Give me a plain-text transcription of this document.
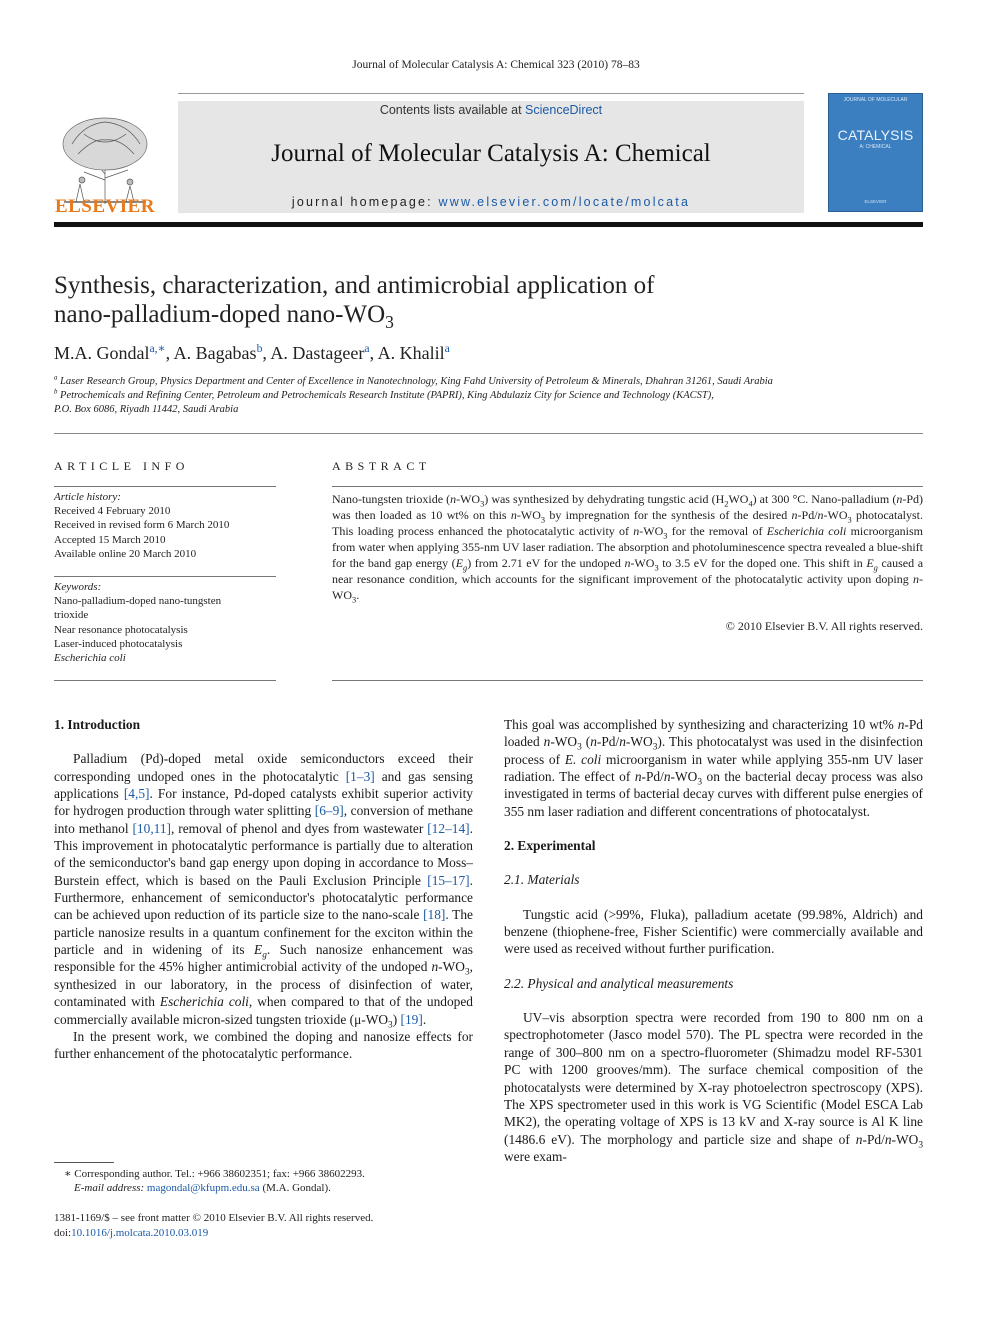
Journal of Molecular Catalysis A: Chemical 323 (2010) 78–83
ELSEVIER
Contents lists available at ScienceDirect
Journal of Molecular Catalysis A: Chemical
journal homepage: www.elsevier.com/locate/molcata
JOURNAL OF MOLECULAR
CATALYSIS
A: CHEMICAL
ELSEVIER
Synthesis, characterization, and antimicrobial application of
nano-palladium-doped nano-$WO_3$
M.A. Gondal$^{a,∗}$, A. Bagabas$^b$, A. Dastageer$^a$, A. Khalil$^a$
$^a$ Laser Research Group, Physics Department and Center of Excellence in Nanotechnology, King Fahd University of Petroleum & Minerals, Dhahran 31261, Saudi Arabia
$^b$ Petrochemicals and Refining Center, Petroleum and Petrochemicals Research Institute (PAPRI), King Abdulaziz City for Science and Technology (KACST),
P.O. Box 6086, Riyadh 11442, Saudi Arabia
ARTICLE INFO
Article history:
Received 4 February 2010
Received in revised form 6 March 2010
Accepted 15 March 2010
Available online 20 March 2010
Keywords:
Nano-palladium-doped nano-tungsten
trioxide
Near resonance photocatalysis
Laser-induced photocatalysis
Escherichia coli
ABSTRACT
Nano-tungsten trioxide $(n-WO_3)$ was synthesized by dehydrating tungstic acid $(H_2WO_4)$ at 300 °C. Nano-palladium (n-Pd) was then loaded as 10 wt% on this $n-WO_3$ by impregnation for the synthesis of the desired $n-Pd/n-WO_3$ photocatalyst. This loading process enhanced the photocatalytic activity of $n-WO_3$ for the removal of Escherichia coli microorganism from water when applying 355-nm UV laser radiation. The absorption and photoluminescence spectra revealed a blue-shift for the band gap energy $(E_g)$ from 2.71 eV for the undoped $n-WO_3$ to 3.5 eV for the doped one. This shift in $E_g$ caused a near resonance condition, which accounts for the significant improvement of the photocatalytic activity upon doping $n-WO_3$.
© 2010 Elsevier B.V. All rights reserved.
1. Introduction

Palladium (Pd)-doped metal oxide semiconductors exceed their corresponding undoped ones in the photocatalytic [1–3] and gas sensing applications [4,5]. For instance, Pd-doped catalysts exhibit superior activity for hydrogen production through water splitting [6–9], conversion of methane into methanol [10,11], removal of phenol and dyes from wastewater [12–14]. This improvement in photocatalytic performance is partially due to alteration of the semiconductor's band gap energy upon doping in accordance to Moss–Burstein effect, which is based on the Pauli Exclusion Principle [15–17]. Furthermore, enhancement of semiconductor's photocatalytic performance can be achieved upon reduction of its particle size to the nano-scale [18]. The particle nanosize results in a quantum confinement for the exciton within the particle and in widening of its $E_g$. Such nanosize enhancement was responsible for the 45% higher antimicrobial activity of the undoped $n-WO_3$, synthesized in our laboratory, in the process of disinfection of water, contaminated with Escherichia coli, when compared to that of the undoped commercially available micron-sized tungsten trioxide $(\mu-WO_3)$ [19].

In the present work, we combined the doping and nanosize effects for further enhancement of the photocatalytic performance.

This goal was accomplished by synthesizing and characterizing 10 wt% n-Pd loaded $n-WO_3$ $(n-Pd/n-WO_3)$. This photocatalyst was used in the disinfection process of E. coli microorganism in water while applying 355-nm UV laser radiation. The effect of $n-Pd/n-WO_3$ on the bacterial decay process was also investigated in terms of bacterial decay curves with different pulse energies of 355 nm laser radiation and different concentrations of photocatalyst.
2. Experimental
2.1. Materials

Tungstic acid (>99%, Fluka), palladium acetate (99.98%, Aldrich) and benzene (thiophene-free, Fisher Scientific) were commercially available and were used as received without further purification.

2.2. Physical and analytical measurements

UV–vis absorption spectra were recorded from 190 to 800 nm on a spectrophotometer (Jasco model 570). The PL spectra were recorded in the range of 300–800 nm on a spectro-fluorometer (Shimadzu model RF-5301 PC with 1200 grooves/mm). The surface chemical composition of the photocatalysts were determined by X-ray photoelectron spectroscopy (XPS). The XPS spectrometer used in this work is VG Scientific (Model ESCA Lab MK2), the operating voltage of XPS is 13 kV and X-ray source is Al K line (1486.6 eV). The morphology and particle size and shape of $n-Pd/n-WO_3$ were exam-

∗ Corresponding author. Tel.: +966 38602351; fax: +966 38602293.
E-mail address: magondal@kfupm.edu.sa (M.A. Gondal).
1381-1169/$ – see front matter © 2010 Elsevier B.V. All rights reserved.
doi:10.1016/j.molcata.2010.03.019
